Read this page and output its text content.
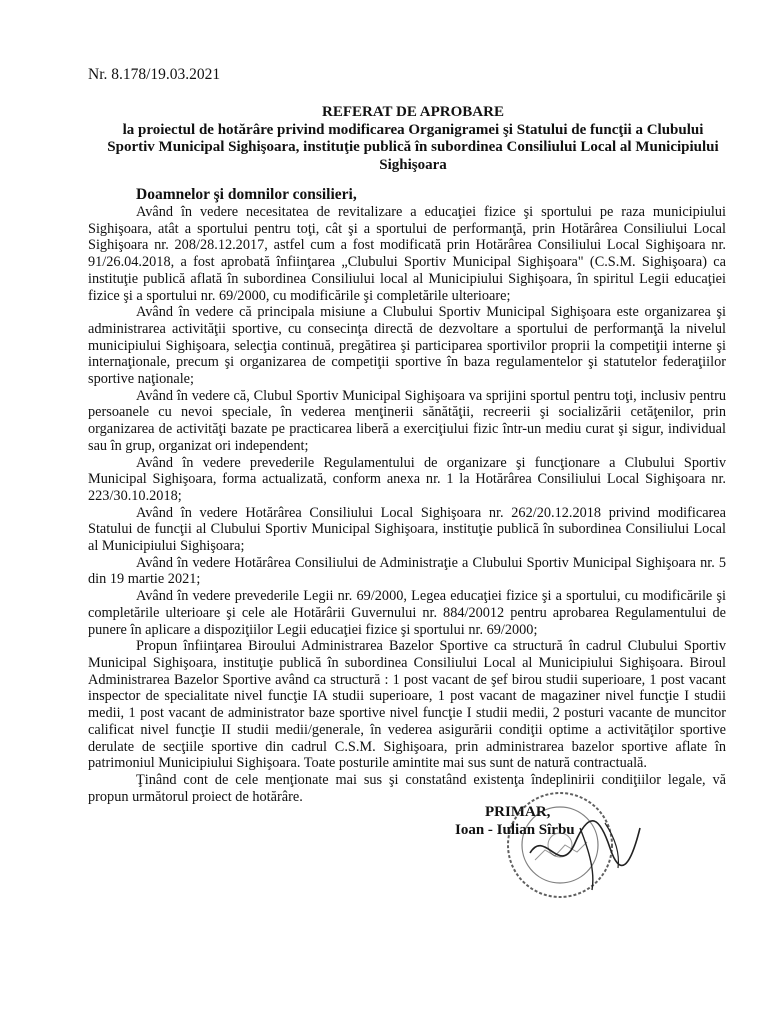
Nr. 8.178/19.03.2021
REFERAT DE APROBARE
la proiectul de hotărâre privind modificarea Organigramei şi Statului de funcţii a Clubului Sportiv Municipal Sighişoara, instituţie publică în subordinea Consiliului Local al Municipiului Sighişoara
Doamnelor şi domnilor consilieri,

Având în vedere necesitatea de revitalizare a educaţiei fizice şi sportului pe raza municipiului Sighişoara, atât a sportului pentru toţi, cât şi a sportului de performanţă, prin Hotărârea Consiliului Local Sighişoara nr. 208/28.12.2017, astfel cum a fost modificată prin Hotărârea Consiliului Local Sighişoara nr. 91/26.04.2018, a fost aprobată înfiinţarea „Clubului Sportiv Municipal Sighişoara" (C.S.M. Sighişoara) ca instituţie publică aflată în subordinea Consiliului local al Municipiului Sighişoara, în spiritul Legii educaţiei fizice şi a sportului nr. 69/2000, cu modificările şi completările ulterioare;

Având în vedere că principala misiune a Clubului Sportiv Municipal Sighişoara este organizarea şi administrarea activităţii sportive, cu consecinţa directă de dezvoltare a sportului de performanţă la nivelul municipiului Sighişoara, selecţia continuă, pregătirea şi participarea sportivilor proprii la competiţii interne şi internaţionale, precum şi organizarea de competiţii sportive în baza regulamentelor şi statutelor federaţiilor sportive naţionale;

Având în vedere că, Clubul Sportiv Municipal Sighişoara va sprijini sportul pentru toţi, inclusiv pentru persoanele cu nevoi speciale, în vederea menţinerii sănătăţii, recreerii şi socializării cetăţenilor, prin organizarea de activităţi bazate pe practicarea liberă a exerciţiului fizic într-un mediu curat şi sigur, individual sau în grup, organizat ori independent;

Având în vedere prevederile Regulamentului de organizare şi funcţionare a Clubului Sportiv Municipal Sighişoara, forma actualizată, conform anexa nr. 1 la Hotărârea Consiliului Local Sighişoara nr. 223/30.10.2018;

Având în vedere Hotărârea Consiliului Local Sighişoara nr. 262/20.12.2018 privind modificarea Statului de funcţii al Clubului Sportiv Municipal Sighişoara, instituţie publică în subordinea Consiliului Local al Municipiului Sighişoara;

Având în vedere Hotărârea Consiliului de Administraţie a Clubului Sportiv Municipal Sighişoara nr. 5 din 19 martie 2021;

Având în vedere prevederile Legii nr. 69/2000, Legea educaţiei fizice şi a sportului, cu modificările şi completările ulterioare şi cele ale Hotărârii Guvernului nr. 884/20012 pentru aprobarea Regulamentului de punere în aplicare a dispoziţiilor Legii educaţiei fizice şi sportului nr. 69/2000;

Propun înfiinţarea Biroului Administrarea Bazelor Sportive ca structură în cadrul Clubului Sportiv Municipal Sighişoara, instituţie publică în subordinea Consiliului Local al Municipiului Sighişoara. Biroul Administrarea Bazelor Sportive având ca structură : 1 post vacant de şef birou studii superioare, 1 post vacant inspector de specialitate nivel funcţie IA studii superioare, 1 post vacant de magaziner nivel funcţie I studii medii, 1 post vacant de administrator baze sportive nivel funcţie I studii medii, 2 posturi vacante de muncitor calificat nivel funcţie II studii medii/generale, în vederea asigurării condiţii optime a activităţilor sportive derulate de secţiile sportive din cadrul C.S.M. Sighişoara, prin administrarea bazelor sportive aflate în patrimoniul Municipiului Sighişoara. Toate posturile amintite mai sus sunt de natură contractuală.

Ţinând cont de cele menţionate mai sus şi constatând existenţa îndeplinirii condiţiilor legale, vă propun următorul proiect de hotărâre.

PRIMAR,
Ioan - Iulian Sîrbu
